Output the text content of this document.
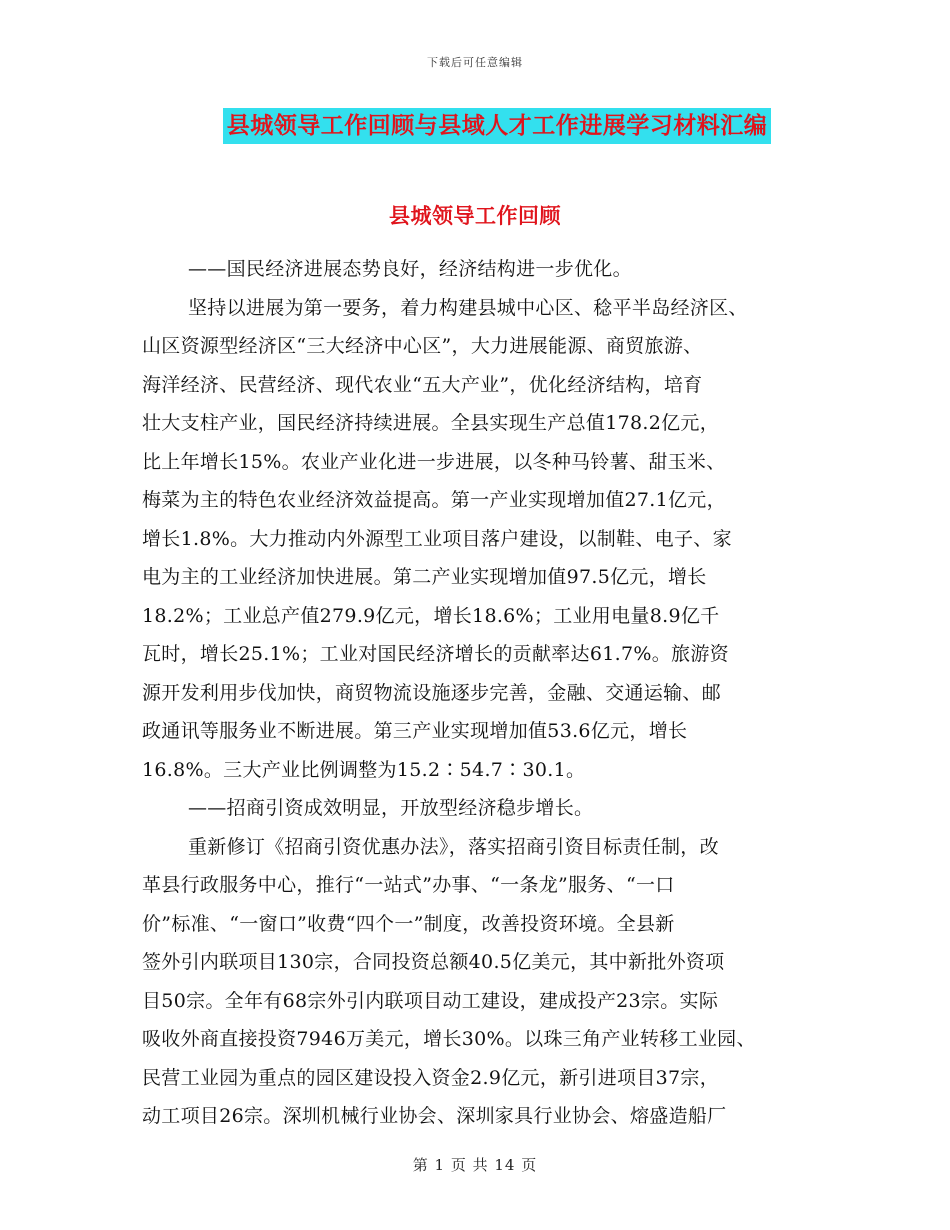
下载后可任意编辑
县城领导工作回顾与县域人才工作进展学习材料汇编
县城领导工作回顾
——国民经济进展态势良好，经济结构进一步优化。
坚持以进展为第一要务，着力构建县城中心区、稔平半岛经济区、
山区资源型经济区“三大经济中心区”，大力进展能源、商贸旅游、
海洋经济、民营经济、现代农业“五大产业”，优化经济结构，培育
壮大支柱产业，国民经济持续进展。全县实现生产总值178.2亿元，
比上年增长15%。农业产业化进一步进展，以冬种马铃薯、甜玉米、
梅菜为主的特色农业经济效益提高。第一产业实现增加值27.1亿元，
增长1.8%。大力推动内外源型工业项目落户建设，以制鞋、电子、家
电为主的工业经济加快进展。第二产业实现增加值97.5亿元，增长
18.2%；工业总产值279.9亿元，增长18.6%；工业用电量8.9亿千
瓦时，增长25.1%；工业对国民经济增长的贡献率达61.7%。旅游资
源开发利用步伐加快，商贸物流设施逐步完善，金融、交通运输、邮
政通讯等服务业不断进展。第三产业实现增加值53.6亿元，增长
16.8%。三大产业比例调整为15.2∶54.7∶30.1。
——招商引资成效明显，开放型经济稳步增长。
重新修订《招商引资优惠办法》，落实招商引资目标责任制，改
革县行政服务中心，推行“一站式”办事、“一条龙”服务、“一口
价”标准、“一窗口”收费“四个一”制度，改善投资环境。全县新
签外引内联项目130宗，合同投资总额40.5亿美元，其中新批外资项
目50宗。全年有68宗外引内联项目动工建设，建成投产23宗。实际
吸收外商直接投资7946万美元，增长30%。以珠三角产业转移工业园、
民营工业园为重点的园区建设投入资金2.9亿元，新引进项目37宗，
动工项目26宗。深圳机械行业协会、深圳家具行业协会、熔盛造船厂
第 1 页 共 14 页
